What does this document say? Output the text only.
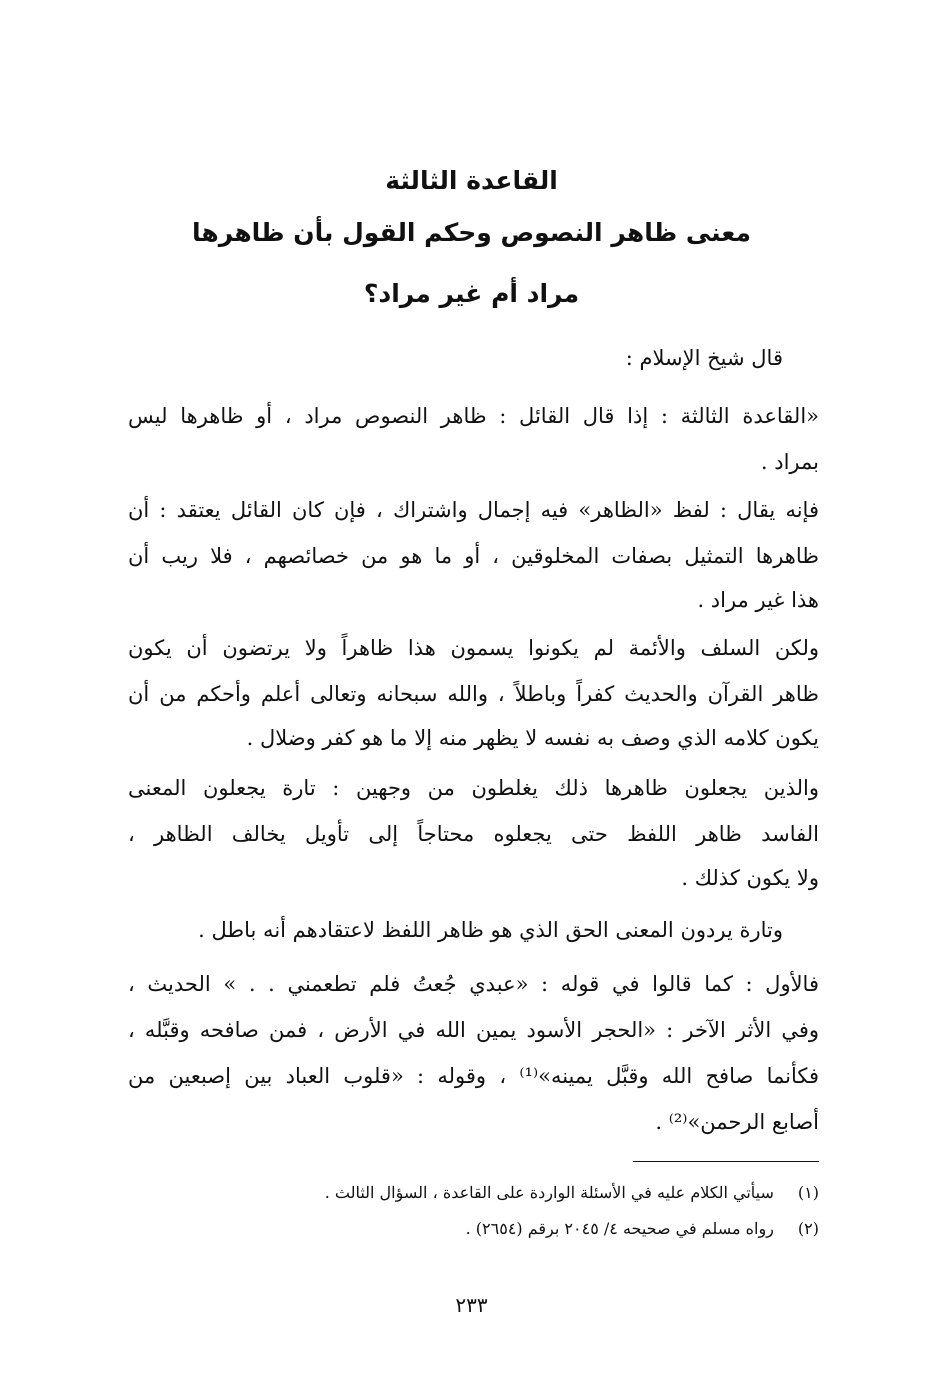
القاعدة الثالثة
معنى ظاهر النصوص وحكم القول بأن ظاهرها
مراد أم غير مراد؟
قال شيخ الإسلام :
«القاعدة الثالثة : إذا قال القائل : ظاهر النصوص مراد ، أو ظاهرها ليس
بمراد .
فإنه يقال : لفظ «الظاهر» فيه إجمال واشتراك ، فإن كان القائل يعتقد : أن
ظاهرها التمثيل بصفات المخلوقين ، أو ما هو من خصائصهم ، فلا ريب أن
هذا غير مراد .
ولكن السلف والأئمة لم يكونوا يسمون هذا ظاهراً ولا يرتضون أن يكون
ظاهر القرآن والحديث كفراً وباطلاً ، والله سبحانه وتعالى أعلم وأحكم من أن
يكون كلامه الذي وصف به نفسه لا يظهر منه إلا ما هو كفر وضلال .
والذين يجعلون ظاهرها ذلك يغلطون من وجهين : تارة يجعلون المعنى
الفاسد ظاهر اللفظ حتى يجعلوه محتاجاً إلى تأويل يخالف الظاهر ،
ولا يكون كذلك .
وتارة يردون المعنى الحق الذي هو ظاهر اللفظ لاعتقادهم أنه باطل .
فالأول : كما قالوا في قوله : «عبدي جُعتُ فلم تطعمني . . » الحديث ،
وفي الأثر الآخر : «الحجر الأسود يمين الله في الأرض ، فمن صافحه وقبَّله ،
فكأنما صافح الله وقبَّل يمينه»⁽¹⁾ ، وقوله : «قلوب العباد بين إصبعين من
أصابع الرحمن»⁽²⁾ .
(١) سيأتي الكلام عليه في الأسئلة الواردة على القاعدة ، السؤال الثالث .
(٢) رواه مسلم في صحيحه ٤/ ٢٠٤٥ برقم (٢٦٥٤) .
٢٣٣
